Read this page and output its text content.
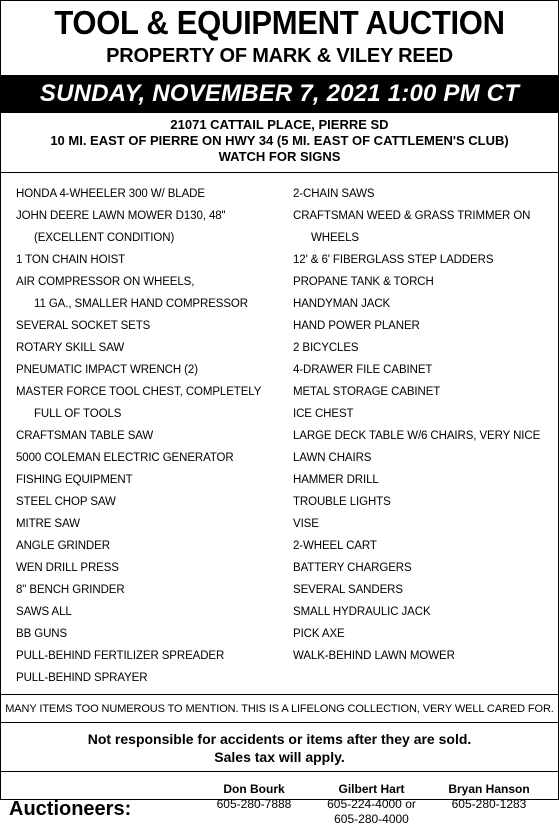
TOOL & EQUIPMENT AUCTION
PROPERTY OF MARK & VILEY REED
SUNDAY, NOVEMBER 7, 2021 1:00 PM CT
21071 CATTAIL PLACE, PIERRE SD
10 MI. EAST OF PIERRE ON HWY 34 (5 MI. EAST OF CATTLEMEN'S CLUB)
WATCH FOR SIGNS
HONDA 4-WHEELER 300 W/ BLADE
JOHN DEERE LAWN MOWER D130, 48"
(EXCELLENT CONDITION)
1 TON CHAIN HOIST
AIR COMPRESSOR ON WHEELS,
11 GA., SMALLER HAND COMPRESSOR
SEVERAL SOCKET SETS
ROTARY SKILL SAW
PNEUMATIC IMPACT WRENCH (2)
MASTER FORCE TOOL CHEST, COMPLETELY
FULL OF TOOLS
CRAFTSMAN TABLE SAW
5000 COLEMAN ELECTRIC GENERATOR
FISHING EQUIPMENT
STEEL CHOP SAW
MITRE SAW
ANGLE GRINDER
WEN DRILL PRESS
8" BENCH GRINDER
SAWS ALL
BB GUNS
PULL-BEHIND FERTILIZER SPREADER
PULL-BEHIND SPRAYER
2-CHAIN SAWS
CRAFTSMAN WEED & GRASS TRIMMER ON
WHEELS
12' & 6' FIBERGLASS STEP LADDERS
PROPANE TANK & TORCH
HANDYMAN JACK
HAND POWER PLANER
2 BICYCLES
4-DRAWER FILE CABINET
METAL STORAGE CABINET
ICE CHEST
LARGE DECK TABLE W/6 CHAIRS, VERY NICE
LAWN CHAIRS
HAMMER DRILL
TROUBLE LIGHTS
VISE
2-WHEEL CART
BATTERY CHARGERS
SEVERAL SANDERS
SMALL HYDRAULIC JACK
PICK AXE
WALK-BEHIND LAWN MOWER
MANY ITEMS TOO NUMEROUS TO MENTION. THIS IS A LIFELONG COLLECTION, VERY WELL CARED FOR.
Not responsible for accidents or items after they are sold.
Sales tax will apply.
Auctioneers:
Don Bourk
605-280-7888
Gilbert Hart
605-224-4000 or 605-280-4000
Bryan Hanson
605-280-1283
